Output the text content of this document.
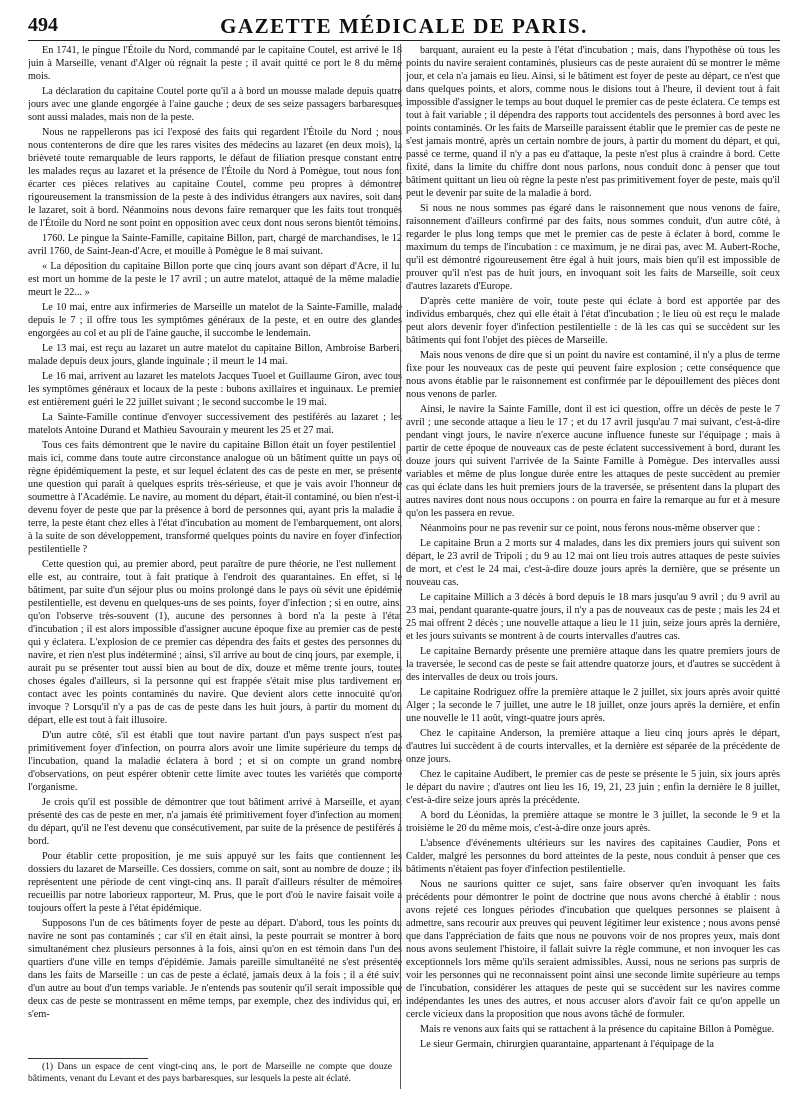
494	GAZETTE MÉDICALE DE PARIS.

En 1741, le pingue l'Étoile du Nord, commandé par le capitaine Coutel, est arrivé le 18 juin à Marseille, venant d'Alger où régnait la peste ; il avait quitté ce port le 8 du même mois.

La déclaration du capitaine Coutel porte qu'il a à bord un mousse malade depuis quatre jours avec une glande engorgée à l'aine gauche ; deux de ses seize passagers barbaresques sont aussi malades, mais non de la peste.

Nous ne rappellerons pas ici l'exposé des faits qui regardent l'Étoile du Nord ; nous nous contenterons de dire que les rares visites des médecins au lazaret (en deux mois), la brièveté toute remarquable de leurs rapports, le défaut de filiation presque constant entre les malades reçus au lazaret et la présence de l'Étoile du Nord à Pomègue, tout nous font écarter ces pièces relatives au capitaine Coutel, comme peu propres à démontrer rigoureusement la transmission de la peste à des individus étrangers aux navires, soit dans le lazaret, soit à bord. Néanmoins nous devons faire remarquer que les faits tout tronqués de l'Étoile du Nord ne sont point en opposition avec ceux dont nous serons bientôt témoins.

1760. Le pingue la Sainte-Famille, capitaine Billon, part, chargé de marchandises, le 12 avril 1760, de Saint-Jean-d'Acre, et mouille à Pomègue le 8 mai suivant.

« La déposition du capitaine Billon porte que cinq jours avant son départ d'Acre, il lui est mort un homme de la peste le 17 avril ; un autre matelot, attaqué de la même maladie, meurt le 22... »

Le 10 mai, entre aux infirmeries de Marseille un matelot de la Sainte-Famille, malade depuis le 7 ; il offre tous les symptômes généraux de la peste, et en outre des glandes engorgées au col et au pli de l'aine gauche, il succombe le lendemain.

Le 13 mai, est reçu au lazaret un autre matelot du capitaine Billon, Ambroise Barberi, malade depuis deux jours, glande inguinale ; il meurt le 14 mai.

Le 16 mai, arrivent au lazaret les matelots Jacques Tuoel et Guillaume Giron, avec tous les symptômes généraux et locaux de la peste : bubons axillaires et inguinaux. Le premier est entièrement guéri le 22 juillet suivant ; le second succombe le 19 mai.

La Sainte-Famille continue d'envoyer successivement des pestiférés au lazaret ; les matelots Antoine Durand et Mathieu Savourain y meurent les 25 et 27 mai.

Tous ces faits démontrent que le navire du capitaine Billon était un foyer pestilentiel ; mais ici, comme dans toute autre circonstance analogue où un bâtiment quitte un pays où règne épidémiquement la peste, et sur lequel éclatent des cas de peste en mer, se présente une question qui paraît à quelques esprits très-sérieuse, et que je vais avoir l'honneur de soumettre à l'Académie. Le navire, au moment du départ, était-il contaminé, ou bien n'est-il devenu foyer de peste que par la présence à bord de personnes qui, ayant pris la maladie à terre, la peste étant chez elles à l'état d'incubation au moment de l'embarquement, ont alors, à la suite de son développement, transformé quelques points du navire en foyer d'infection pestilentielle ?

Cette question qui, au premier abord, peut paraître de pure théorie, ne l'est nullement : elle est, au contraire, tout à fait pratique à l'endroit des quarantaines. En effet, si le bâtiment, par suite d'un séjour plus ou moins prolongé dans le pays où sévit une épidémie pestilentielle, est devenu en quelques-uns de ses points, foyer d'infection ; si en outre, ainsi qu'on l'observe très-souvent (1), aucune des personnes à bord n'a la peste à l'état d'incubation ; il est alors impossible d'assigner aucune époque fixe au premier cas de peste qui y éclatera. L'explosion de ce premier cas dépendra des faits et gestes des personnes du navire, et rien n'est plus indéterminé ; ainsi, s'il arrive au bout de cinq jours, par exemple, il aurait pu se présenter tout aussi bien au bout de dix, douze et même trente jours, toutes choses égales d'ailleurs, si la personne qui est frappée s'était mise plus tardivement en contact avec les points contaminés du navire. Que devient alors cette innocuité qu'on invoque ? Lorsqu'il n'y a pas de cas de peste dans les huit jours, à partir du moment du départ, elle est tout à fait illusoire.

D'un autre côté, s'il est établi que tout navire partant d'un pays suspect n'est pas primitivement foyer d'infection, on pourra alors avoir une limite supérieure du temps de l'incubation, quand la maladie éclatera à bord ; et si on compte un grand nombre d'observations, on peut espérer obtenir cette limite avec toutes les variétés que comporte l'organisme.

Je crois qu'il est possible de démontrer que tout bâtiment arrivé à Marseille, et ayant présenté des cas de peste en mer, n'a jamais été primitivement foyer d'infection au moment du départ, qu'il ne l'est devenu que consécutivement, par suite de la présence de pestiférés à bord.

Pour établir cette proposition, je me suis appuyé sur les faits que contiennent les dossiers du lazaret de Marseille. Ces dossiers, comme on sait, sont au nombre de douze ; ils représentent une période de cent vingt-cinq ans. Il paraît d'ailleurs résulter de mémoires recueillis par notre laborieux rapporteur, M. Prus, que le port d'où le navire faisait voile a toujours offert la peste à l'état épidémique.

Supposons l'un de ces bâtiments foyer de peste au départ. D'abord, tous les points du navire ne sont pas contaminés ; car s'il en était ainsi, la peste pourrait se montrer à bord simultanément chez plusieurs personnes à la fois, ainsi qu'on en est témoin dans l'un des quartiers d'une ville en temps d'épidémie. Jamais pareille simultanéité ne s'est présentée dans les faits de Marseille : un cas de peste a éclaté, jamais deux à la fois ; il a été suivi d'un autre au bout d'un temps variable. Je n'entends pas soutenir qu'il serait impossible que deux cas de peste se montrassent en même temps, par exemple, chez des individus qui, en s'em-

barquant, auraient eu la peste à l'état d'incubation ; mais, dans l'hypothèse où tous les points du navire seraient contaminés, plusieurs cas de peste auraient dû se montrer le même jour, et cela n'a jamais eu lieu. Ainsi, si le bâtiment est foyer de peste au départ, ce n'est que dans quelques points, et alors, comme nous le disions tout à l'heure, il devient tout à fait impossible d'assigner le temps au bout duquel le premier cas de peste éclatera. Ce temps est tout à fait variable ; il dépendra des rapports tout accidentels des personnes à bord avec les points contaminés. Or les faits de Marseille paraissent établir que le premier cas de peste ne s'est jamais montré, après un certain nombre de jours, à partir du moment du départ, et qui, passé ce terme, quand il n'y a pas eu d'attaque, la peste n'est plus à craindre à bord. Cette fixité, dans la limite du chiffre dont nous parlons, nous conduit donc à penser que tout bâtiment quittant un lieu où règne la peste n'est pas primitivement foyer de peste, mais qu'il peut le devenir par suite de la maladie à bord.

Si nous ne nous sommes pas égaré dans le raisonnement que nous venons de faire, raisonnement d'ailleurs confirmé par des faits, nous sommes conduit, d'un autre côté, à regarder le plus long temps que met le premier cas de peste à éclater à bord, comme le maximum du temps de l'incubation : ce maximum, je ne dirai pas, avec M. Aubert-Roche, qu'il est démontré rigoureusement être égal à huit jours, mais bien qu'il est impossible de prouver qu'il n'est pas de huit jours, en invoquant soit les faits de Marseille, soit ceux d'autres lazarets d'Europe.

D'après cette manière de voir, toute peste qui éclate à bord est apportée par des individus embarqués, chez qui elle était à l'état d'incubation ; le lieu où est reçu le malade peut alors devenir foyer d'infection pestilentielle : de là les cas qui se succèdent sur les bâtiments qui font l'objet des pièces de Marseille.

Mais nous venons de dire que si un point du navire est contaminé, il n'y a plus de terme fixe pour les nouveaux cas de peste qui peuvent faire explosion ; cette conséquence que nous avons établie par le raisonnement est confirmée par le dépouillement des pièces dont nous venons de parler.

Ainsi, le navire la Sainte Famille, dont il est ici question, offre un décès de peste le 7 avril ; une seconde attaque a lieu le 17 ; et du 17 avril jusqu'au 7 mai suivant, c'est-à-dire pendant vingt jours, le navire n'exerce aucune influence funeste sur l'équipage ; mais à partir de cette époque de nouveaux cas de peste éclatent successivement à bord, durant les douze jours qui suivent l'arrivée de la Sainte Famille à Pomègue. Des intervalles aussi variables et même de plus longue durée entre les attaques de peste succèdent au premier cas qui éclate dans les huit premiers jours de la traversée, se présentent dans la plupart des autres navires dont nous nous occupons : on pourra en faire la remarque au fur et à mesure qu'on les passera en revue.

Néanmoins pour ne pas revenir sur ce point, nous ferons nous-même observer que :

Le capitaine Brun a 2 morts sur 4 malades, dans les dix premiers jours qui suivent son départ, le 23 avril de Tripoli ; du 9 au 12 mai ont lieu trois autres attaques de peste suivies de mort, et c'est le 24 mai, c'est-à-dire douze jours après la dernière, que se présente un nouveau cas.

Le capitaine Millich a 3 décès à bord depuis le 18 mars jusqu'au 9 avril ; du 9 avril au 23 mai, pendant quarante-quatre jours, il n'y a pas de nouveaux cas de peste ; mais les 24 et 25 mai offrent 2 décès ; une nouvelle attaque a lieu le 11 juin, seize jours après la dernière, et les jours suivants se montrent à de courts intervalles d'autres cas.

Le capitaine Bernardy présente une première attaque dans les quatre premiers jours de la traversée, le second cas de peste se fait attendre quatorze jours, et d'autres se succèdent à des intervalles de deux ou trois jours.

Le capitaine Rodriguez offre la première attaque le 2 juillet, six jours après avoir quitté Alger ; la seconde le 7 juillet, une autre le 18 juillet, onze jours après la dernière, et enfin une nouvelle le 11 août, vingt-quatre jours après.

Chez le capitaine Anderson, la première attaque a lieu cinq jours après le départ, d'autres lui succèdent à de courts intervalles, et la dernière est séparée de la précédente de onze jours.

Chez le capitaine Audibert, le premier cas de peste se présente le 5 juin, six jours après le départ du navire ; d'autres ont lieu les 16, 19, 21, 23 juin ; enfin la dernière le 8 juillet, c'est-à-dire seize jours après la précédente.

A bord du Léonidas, la première attaque se montre le 3 juillet, la seconde le 9 et la troisième le 20 du même mois, c'est-à-dire onze jours après.

L'absence d'événements ultérieurs sur les navires des capitaines Caudier, Pons et Calder, malgré les personnes du bord atteintes de la peste, nous conduit à penser que ces bâtiments n'étaient pas foyer d'infection pestilentielle.

Nous ne saurions quitter ce sujet, sans faire observer qu'en invoquant les faits précédents pour démontrer le point de doctrine que nous avons cherché à établir : nous avons rejeté ces longues périodes d'incubation que quelques personnes se plaisent à admettre, sans recourir aux preuves qui peuvent légitimer leur existence ; nous avons pensé que dans l'appréciation de faits que nous ne pouvons voir de nos propres yeux, mais dont nous avons seulement l'histoire, il fallait suivre la règle commune, et non invoquer les cas exceptionnels lors même qu'ils seraient admissibles. Aussi, nous ne serions pas surpris de voir les personnes qui ne reconnaissent point ainsi une seconde limite supérieure au temps de l'incubation, considérer les attaques de peste qui se succèdent sur les navires comme indépendantes les unes des autres, et nous accuser alors d'avoir fait ce qu'on appelle un cercle vicieux dans la proposition que nous avons tâché de formuler.

Mais re venons aux faits qui se rattachent à la présence du capitaine Billon à Pomègue.

Le sieur Germain, chirurgien quarantaine, appartenant à l'équipage de la

(1) Dans un espace de cent vingt-cinq ans, le port de Marseille ne compte que douze bâtiments, venant du Levant et des pays barbaresques, sur lesquels la peste ait éclaté.
